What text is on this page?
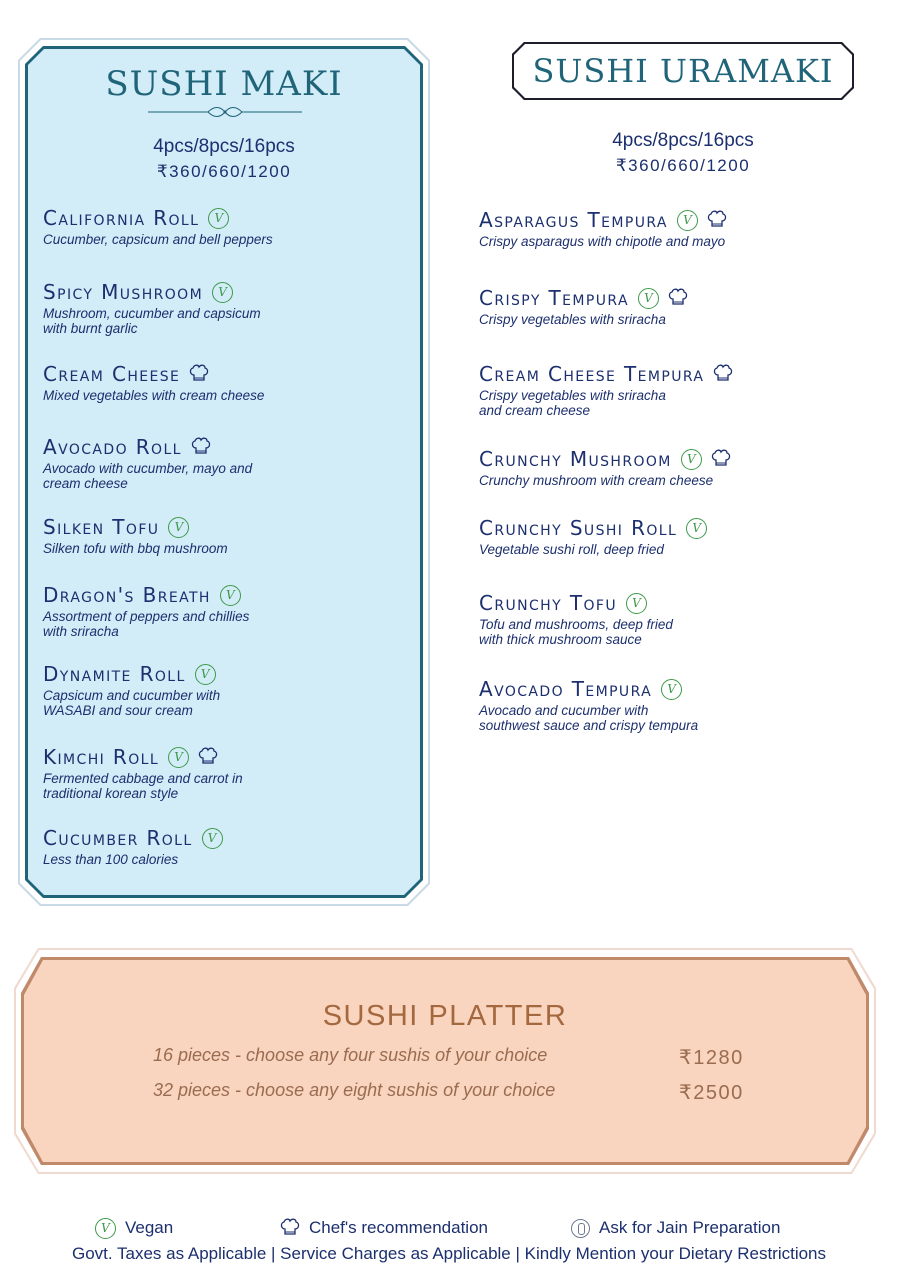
SUSHI MAKI
4pcs/8pcs/16pcs
₹360/660/1200
California Roll
V
Cucumber, capsicum and bell peppers
Spicy Mushroom
V
Mushroom, cucumber and capsicum
with burnt garlic
Cream Cheese
Mixed vegetables with cream cheese
Avocado Roll
Avocado with cucumber, mayo and
cream cheese
Silken Tofu
V
Silken tofu with bbq mushroom
Dragon's Breath
V
Assortment of peppers and chillies
with sriracha
Dynamite Roll
V
Capsicum and cucumber with
WASABI and sour cream
Kimchi Roll
V
Fermented cabbage and carrot in
traditional korean style
Cucumber Roll
V
Less than 100 calories
SUSHI URAMAKI
4pcs/8pcs/16pcs
₹360/660/1200
Asparagus Tempura
V
Crispy asparagus with chipotle and mayo
Crispy Tempura
V
Crispy vegetables with sriracha
Cream Cheese Tempura
Crispy vegetables with sriracha
and cream cheese
Crunchy Mushroom
V
Crunchy mushroom with cream cheese
Crunchy Sushi Roll
V
Vegetable sushi roll, deep fried
Crunchy Tofu
V
Tofu and mushrooms, deep fried
with thick mushroom sauce
Avocado Tempura
V
Avocado and cucumber with
southwest sauce and crispy tempura
SUSHI PLATTER
16 pieces - choose any four sushis of your choice	₹1280
32 pieces - choose any eight sushis of your choice	₹2500
V
Vegan	Chef's recommendation	Ask for Jain Preparation
Govt. Taxes as Applicable | Service Charges as Applicable | Kindly Mention your Dietary Restrictions
